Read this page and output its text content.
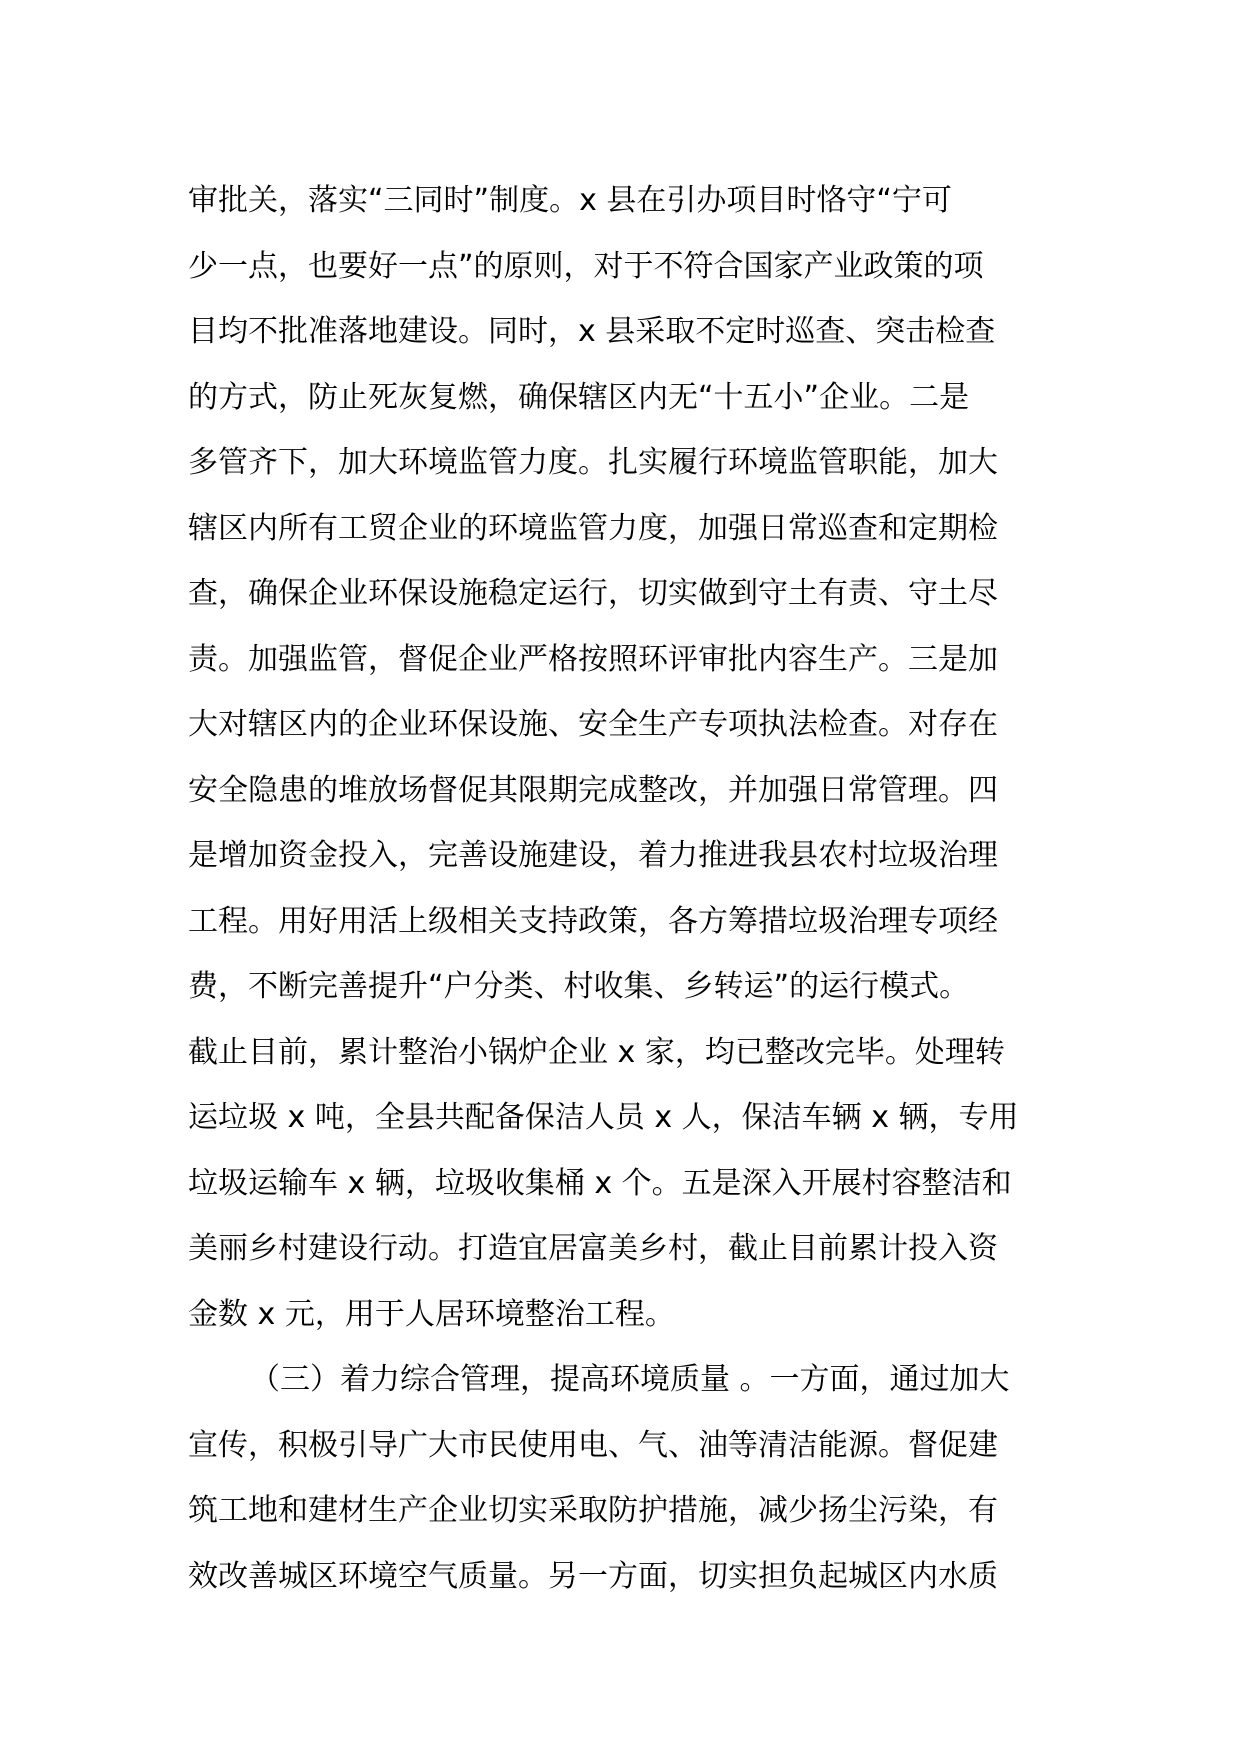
审批关，落实“三同时”制度。x 县在引办项目时恪守“宁可
少一点，也要好一点”的原则，对于不符合国家产业政策的项
目均不批准落地建设。同时，x 县采取不定时巡查、突击检查
的方式，防止死灰复燃，确保辖区内无“十五小”企业。二是
多管齐下，加大环境监管力度。扎实履行环境监管职能，加大
辖区内所有工贸企业的环境监管力度，加强日常巡查和定期检
查，确保企业环保设施稳定运行，切实做到守土有责、守土尽
责。加强监管，督促企业严格按照环评审批内容生产。三是加
大对辖区内的企业环保设施、安全生产专项执法检查。对存在
安全隐患的堆放场督促其限期完成整改，并加强日常管理。四
是增加资金投入，完善设施建设，着力推进我县农村垃圾治理
工程。用好用活上级相关支持政策，各方筹措垃圾治理专项经
费，不断完善提升“户分类、村收集、乡转运”的运行模式。
截止目前，累计整治小锅炉企业 x 家，均已整改完毕。处理转
运垃圾 x 吨，全县共配备保洁人员 x 人，保洁车辆 x 辆，专用
垃圾运输车 x 辆，垃圾收集桶 x 个。五是深入开展村容整洁和
美丽乡村建设行动。打造宜居富美乡村，截止目前累计投入资
金数 x 元，用于人居环境整治工程。
（三）着力综合管理，提高环境质量 。一方面，通过加大
宣传，积极引导广大市民使用电、气、油等清洁能源。督促建
筑工地和建材生产企业切实采取防护措施，减少扬尘污染，有
效改善城区环境空气质量。另一方面，切实担负起城区内水质
